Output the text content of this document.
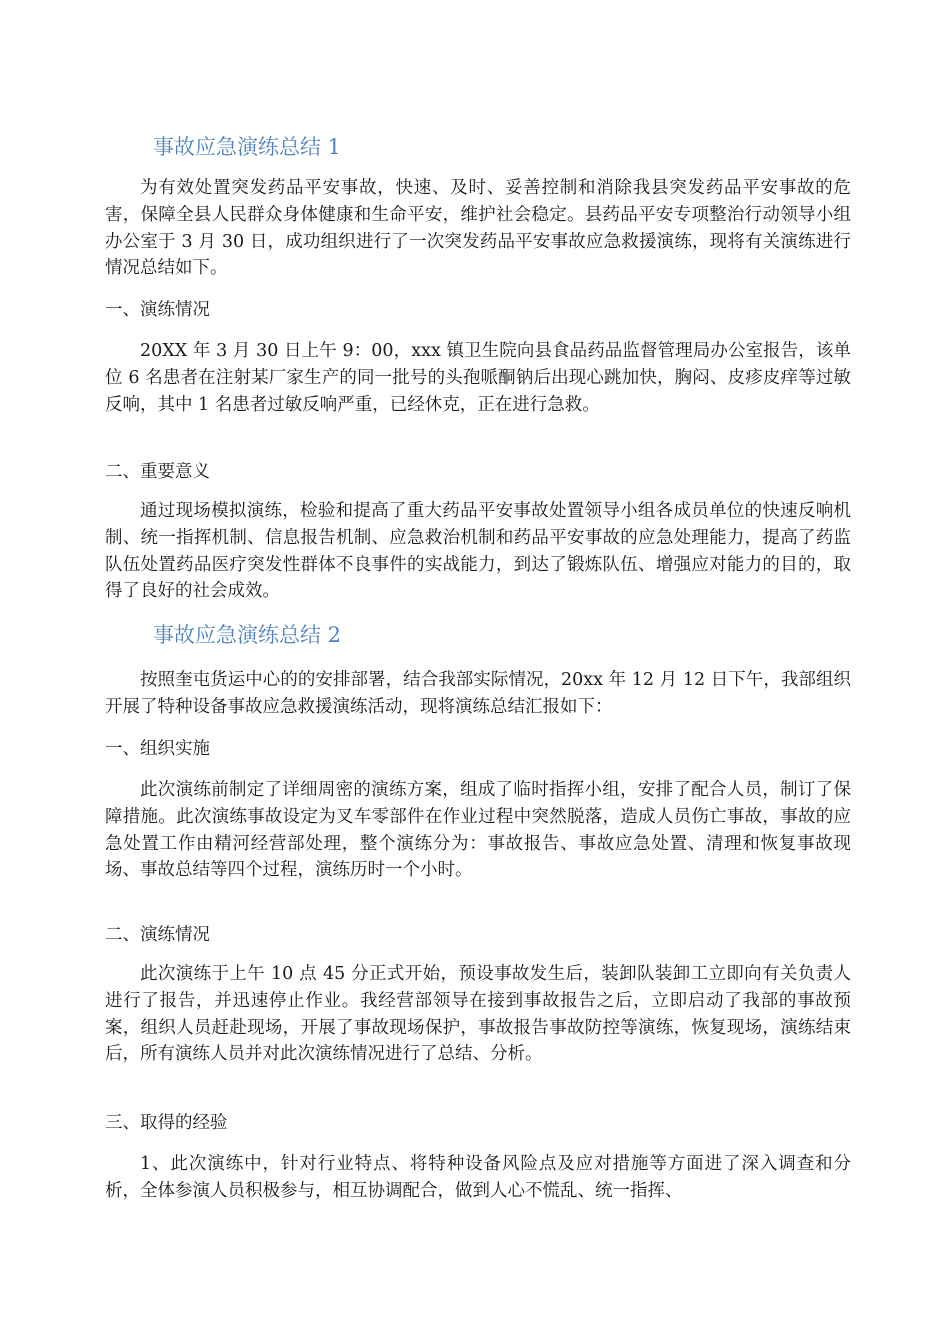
事故应急演练总结 1
为有效处置突发药品平安事故，快速、及时、妥善控制和消除我县突发药品平安事故的危害，保障全县人民群众身体健康和生命平安，维护社会稳定。县药品平安专项整治行动领导小组办公室于 3 月 30 日，成功组织进行了一次突发药品平安事故应急救援演练，现将有关演练进行情况总结如下。
一、演练情况
20XX 年 3 月 30 日上午 9：00，xxx 镇卫生院向县食品药品监督管理局办公室报告，该单位 6 名患者在注射某厂家生产的同一批号的头孢哌酮钠后出现心跳加快，胸闷、皮疹皮痒等过敏反响，其中 1 名患者过敏反响严重，已经休克，正在进行急救。
二、重要意义
通过现场模拟演练，检验和提高了重大药品平安事故处置领导小组各成员单位的快速反响机制、统一指挥机制、信息报告机制、应急救治机制和药品平安事故的应急处理能力，提高了药监队伍处置药品医疗突发性群体不良事件的实战能力，到达了锻炼队伍、增强应对能力的目的，取得了良好的社会成效。
事故应急演练总结 2
按照奎屯货运中心的的安排部署，结合我部实际情况，20xx 年 12 月 12 日下午，我部组织开展了特种设备事故应急救援演练活动，现将演练总结汇报如下：
一、组织实施
此次演练前制定了详细周密的演练方案，组成了临时指挥小组，安排了配合人员，制订了保障措施。此次演练事故设定为叉车零部件在作业过程中突然脱落，造成人员伤亡事故，事故的应急处置工作由精河经营部处理，整个演练分为：事故报告、事故应急处置、清理和恢复事故现场、事故总结等四个过程，演练历时一个小时。
二、演练情况
此次演练于上午 10 点 45 分正式开始，预设事故发生后，装卸队装卸工立即向有关负责人进行了报告，并迅速停止作业。我经营部领导在接到事故报告之后，立即启动了我部的事故预案，组织人员赶赴现场，开展了事故现场保护，事故报告事故防控等演练，恢复现场，演练结束后，所有演练人员并对此次演练情况进行了总结、分析。
三、取得的经验
1、此次演练中，针对行业特点、将特种设备风险点及应对措施等方面进了深入调查和分析，全体参演人员积极参与，相互协调配合，做到人心不慌乱、统一指挥、
